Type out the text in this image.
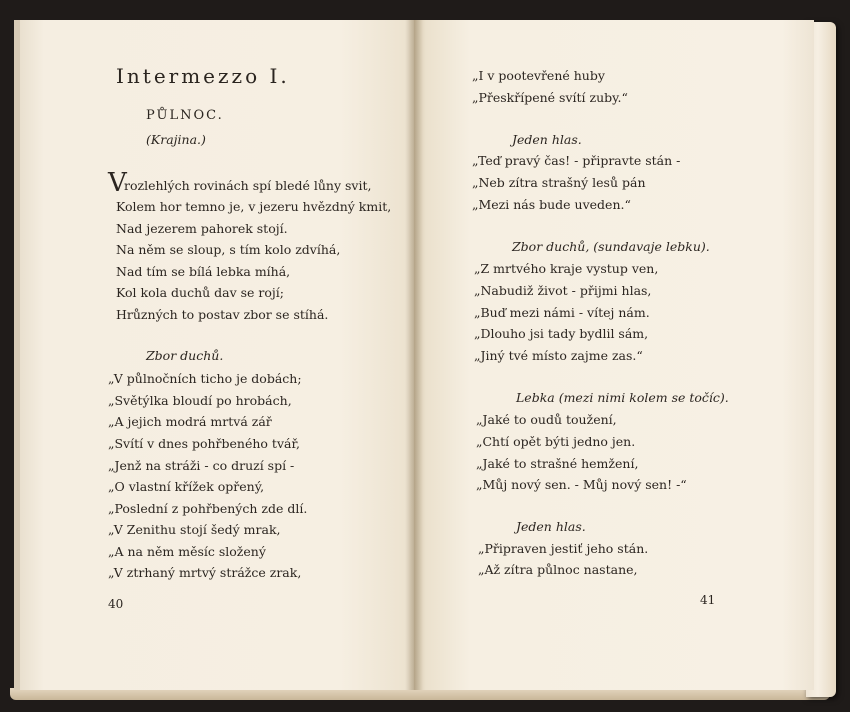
Intermezzo I.
PŮLNOC.
(Krajina.)
V
rozlehlých rovinách spí bledé lůny svit,
Kolem hor temno je, v jezeru hvězdný kmit,
Nad jezerem pahorek stojí.
Na něm se sloup, s tím kolo zdvíhá,
Nad tím se bílá lebka míhá,
Kol kola duchů dav se rojí;
Hrůzných to postav zbor se stíhá.
Zbor duchů.
„V půlnočních ticho je dobách;
„Světýlka bloudí po hrobách,
„A jejich modrá mrtvá zář
„Svítí v dnes pohřbeného tvář,
„Jenž na stráži - co druzí spí -
„O vlastní křížek opřený,
„Poslední z pohřbených zde dlí.
„V Zenithu stojí šedý mrak,
„A na něm měsíc složený
„V ztrhaný mrtvý strážce zrak,
40
„I v pootevřené huby
„Přeskřípené svítí zuby.“
Jeden hlas.
„Teď pravý čas! - připravte stán -
„Neb zítra strašný lesů pán
„Mezi nás bude uveden.“
Zbor duchů, (sundavaje lebku).
„Z mrtvého kraje vystup ven,
„Nabudiž život - přijmi hlas,
„Buď mezi námi - vítej nám.
„Dlouho jsi tady bydlil sám,
„Jiný tvé místo zajme zas.“
Lebka (mezi nimi kolem se točíc).
„Jaké to oudů toužení,
„Chtí opět býti jedno jen.
„Jaké to strašné hemžení,
„Můj nový sen. - Můj nový sen! -“
Jeden hlas.
„Připraven jestiť jeho stán.
„Až zítra půlnoc nastane,
41
